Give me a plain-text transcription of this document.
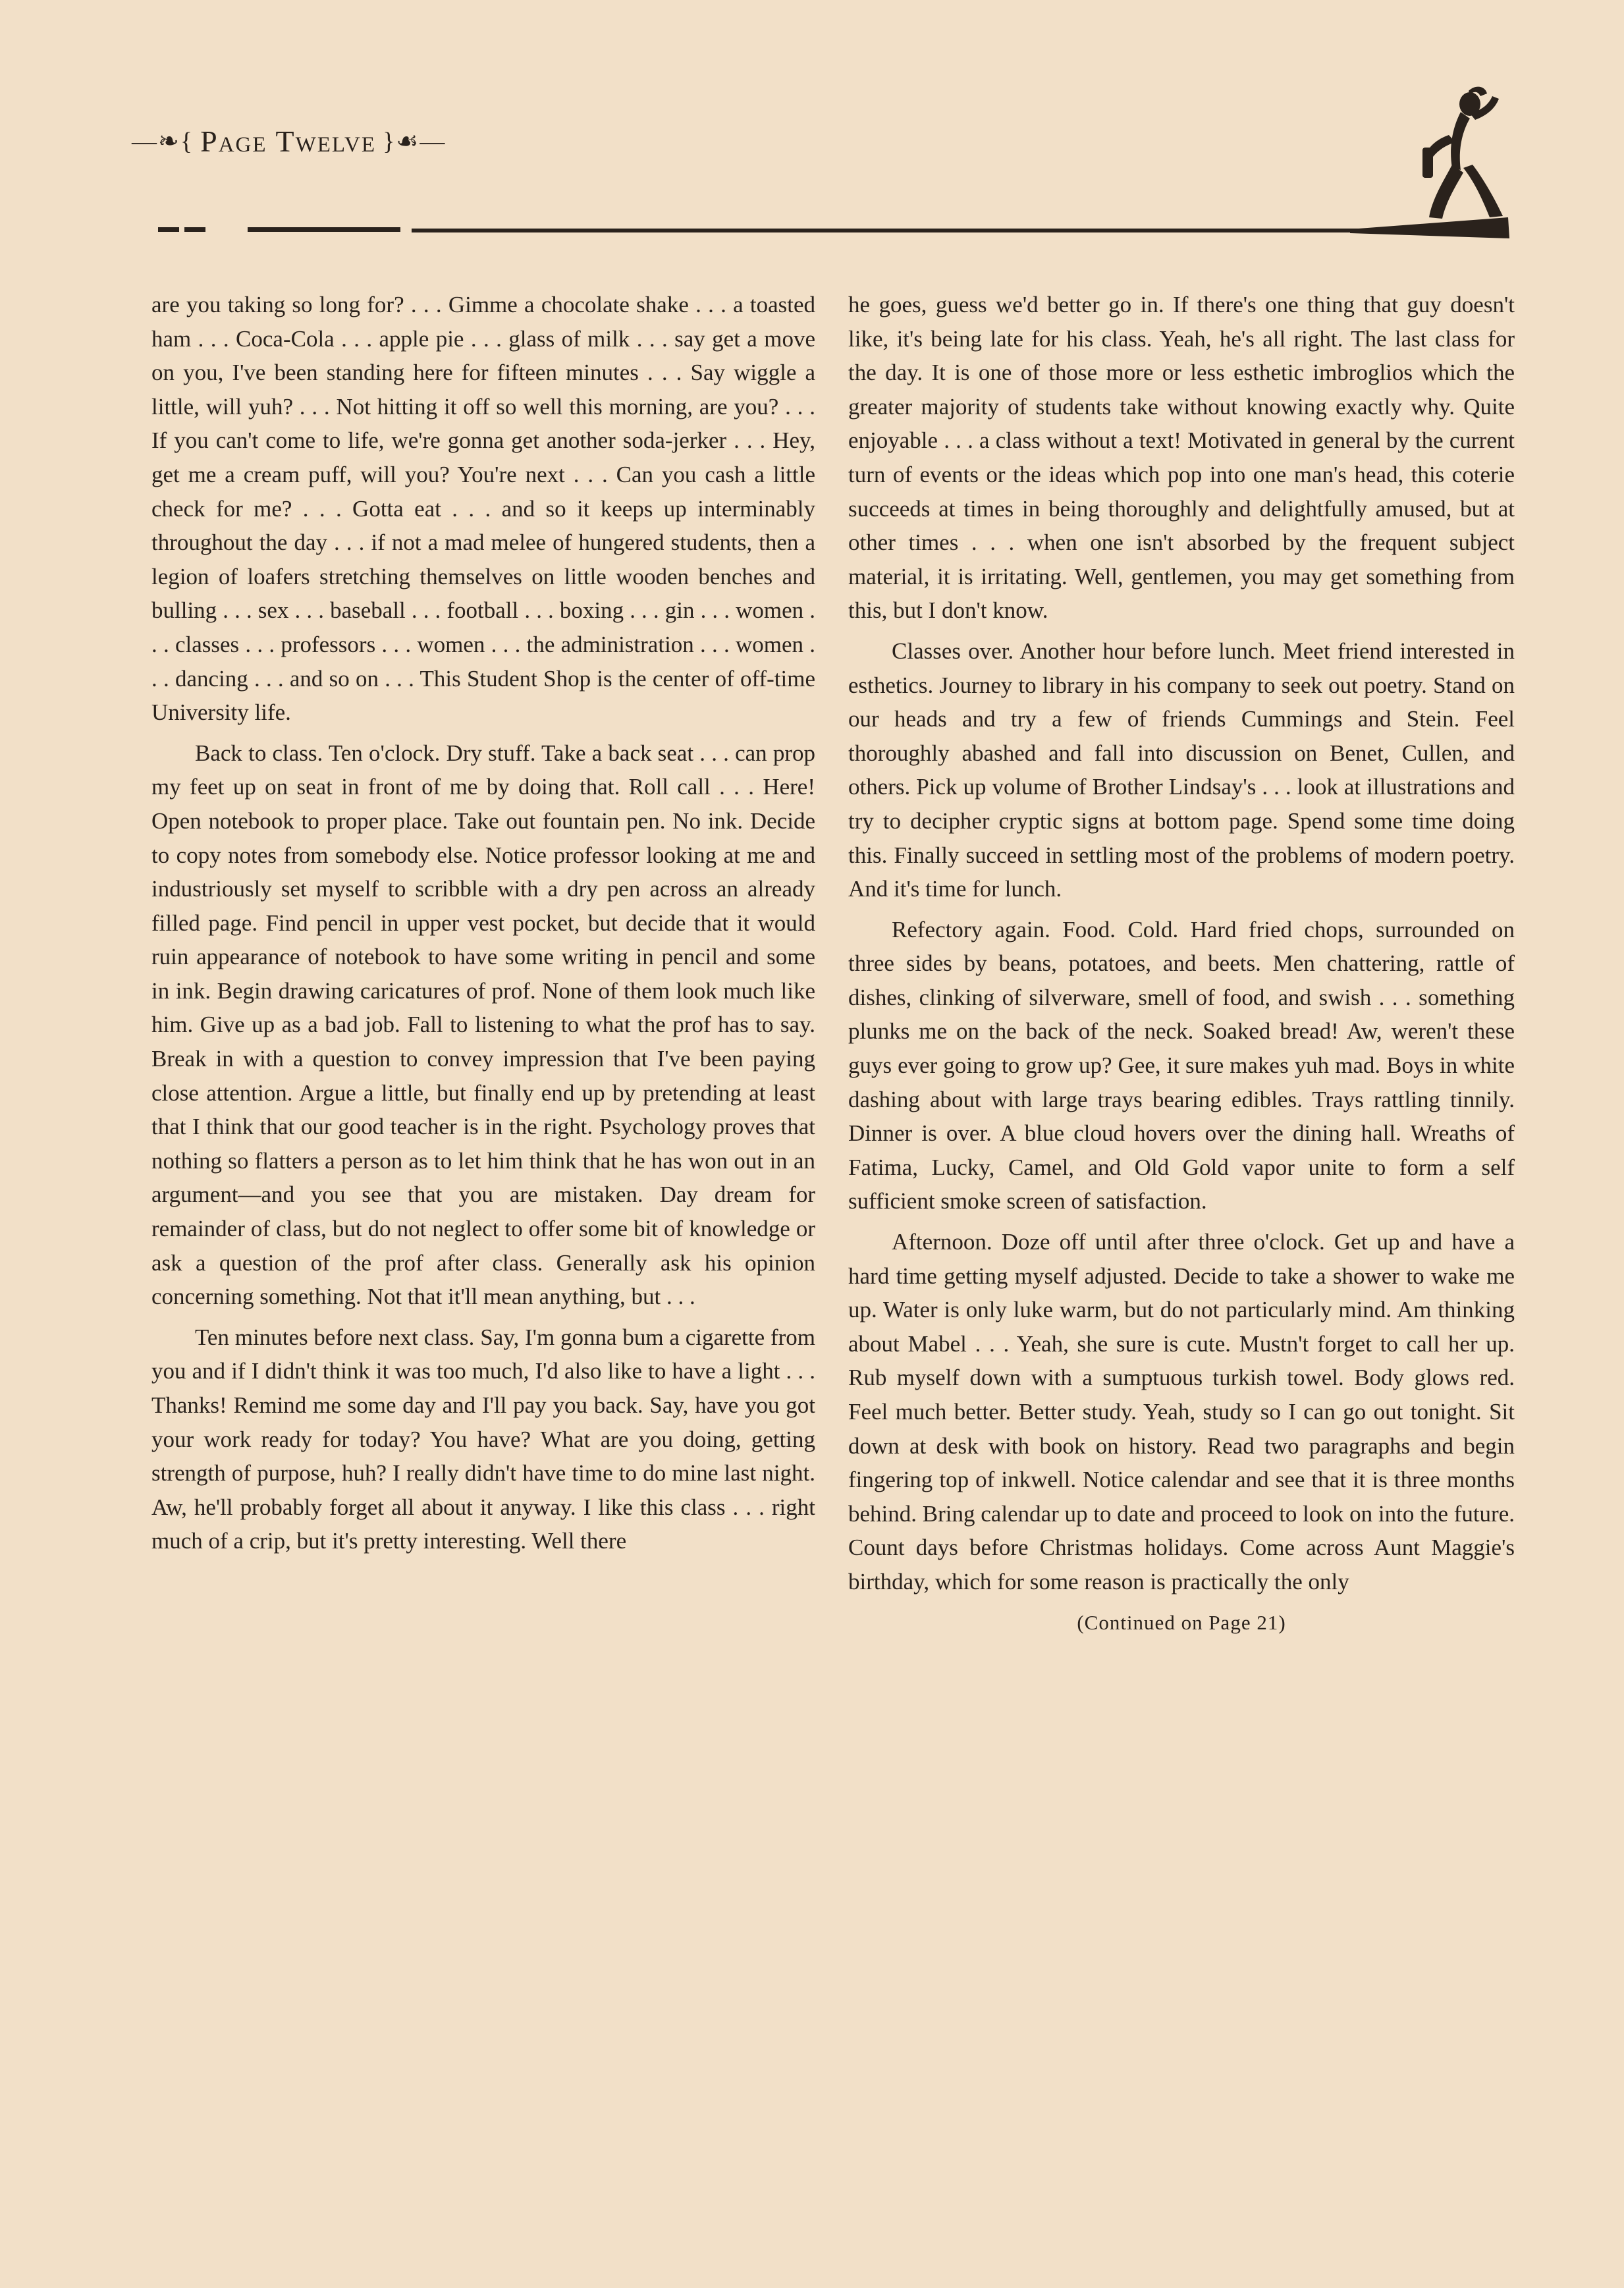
—❧{ PAGE TWELVE }☙—

are you taking so long for? . . . Gimme a chocolate shake . . . a toasted ham . . . Coca-Cola . . . apple pie . . . glass of milk . . . say get a move on you, I've been standing here for fifteen minutes . . . Say wiggle a little, will yuh? . . . Not hitting it off so well this morning, are you? . . . If you can't come to life, we're gonna get another soda-jerker . . . Hey, get me a cream puff, will you? You're next . . . Can you cash a little check for me? . . . Gotta eat . . . and so it keeps up interminably throughout the day . . . if not a mad melee of hungered students, then a legion of loafers stretching themselves on little wooden benches and bulling . . . sex . . . baseball . . . football . . . boxing . . . gin . . . women . . . classes . . . professors . . . women . . . the administration . . . women . . . dancing . . . and so on . . . This Student Shop is the center of off-time University life.

Back to class. Ten o'clock. Dry stuff. Take a back seat . . . can prop my feet up on seat in front of me by doing that. Roll call . . . Here! Open notebook to proper place. Take out fountain pen. No ink. Decide to copy notes from somebody else. Notice professor looking at me and industriously set myself to scribble with a dry pen across an already filled page. Find pencil in upper vest pocket, but decide that it would ruin appearance of notebook to have some writing in pencil and some in ink. Begin drawing caricatures of prof. None of them look much like him. Give up as a bad job. Fall to listening to what the prof has to say. Break in with a question to convey impression that I've been paying close attention. Argue a little, but finally end up by pretending at least that I think that our good teacher is in the right. Psychology proves that nothing so flatters a person as to let him think that he has won out in an argument—and you see that you are mistaken. Day dream for remainder of class, but do not neglect to offer some bit of knowledge or ask a question of the prof after class. Generally ask his opinion concerning something. Not that it'll mean anything, but . . .

Ten minutes before next class. Say, I'm gonna bum a cigarette from you and if I didn't think it was too much, I'd also like to have a light . . . Thanks! Remind me some day and I'll pay you back. Say, have you got your work ready for today? You have? What are you doing, getting strength of purpose, huh? I really didn't have time to do mine last night. Aw, he'll probably forget all about it anyway. I like this class . . . right much of a crip, but it's pretty interesting. Well there

he goes, guess we'd better go in. If there's one thing that guy doesn't like, it's being late for his class. Yeah, he's all right. The last class for the day. It is one of those more or less esthetic imbroglios which the greater majority of students take without knowing exactly why. Quite enjoyable . . . a class without a text! Motivated in general by the current turn of events or the ideas which pop into one man's head, this coterie succeeds at times in being thoroughly and delightfully amused, but at other times . . . when one isn't absorbed by the frequent subject material, it is irritating. Well, gentlemen, you may get something from this, but I don't know.

Classes over. Another hour before lunch. Meet friend interested in esthetics. Journey to library in his company to seek out poetry. Stand on our heads and try a few of friends Cummings and Stein. Feel thoroughly abashed and fall into discussion on Benet, Cullen, and others. Pick up volume of Brother Lindsay's . . . look at illustrations and try to decipher cryptic signs at bottom page. Spend some time doing this. Finally succeed in settling most of the problems of modern poetry. And it's time for lunch.

Refectory again. Food. Cold. Hard fried chops, surrounded on three sides by beans, potatoes, and beets. Men chattering, rattle of dishes, clinking of silverware, smell of food, and swish . . . something plunks me on the back of the neck. Soaked bread! Aw, weren't these guys ever going to grow up? Gee, it sure makes yuh mad. Boys in white dashing about with large trays bearing edibles. Trays rattling tinnily. Dinner is over. A blue cloud hovers over the dining hall. Wreaths of Fatima, Lucky, Camel, and Old Gold vapor unite to form a self sufficient smoke screen of satisfaction.

Afternoon. Doze off until after three o'clock. Get up and have a hard time getting myself adjusted. Decide to take a shower to wake me up. Water is only luke warm, but do not particularly mind. Am thinking about Mabel . . . Yeah, she sure is cute. Mustn't forget to call her up. Rub myself down with a sumptuous turkish towel. Body glows red. Feel much better. Better study. Yeah, study so I can go out tonight. Sit down at desk with book on history. Read two paragraphs and begin fingering top of inkwell. Notice calendar and see that it is three months behind. Bring calendar up to date and proceed to look on into the future. Count days before Christmas holidays. Come across Aunt Maggie's birthday, which for some reason is practically the only

(Continued on Page 21)
